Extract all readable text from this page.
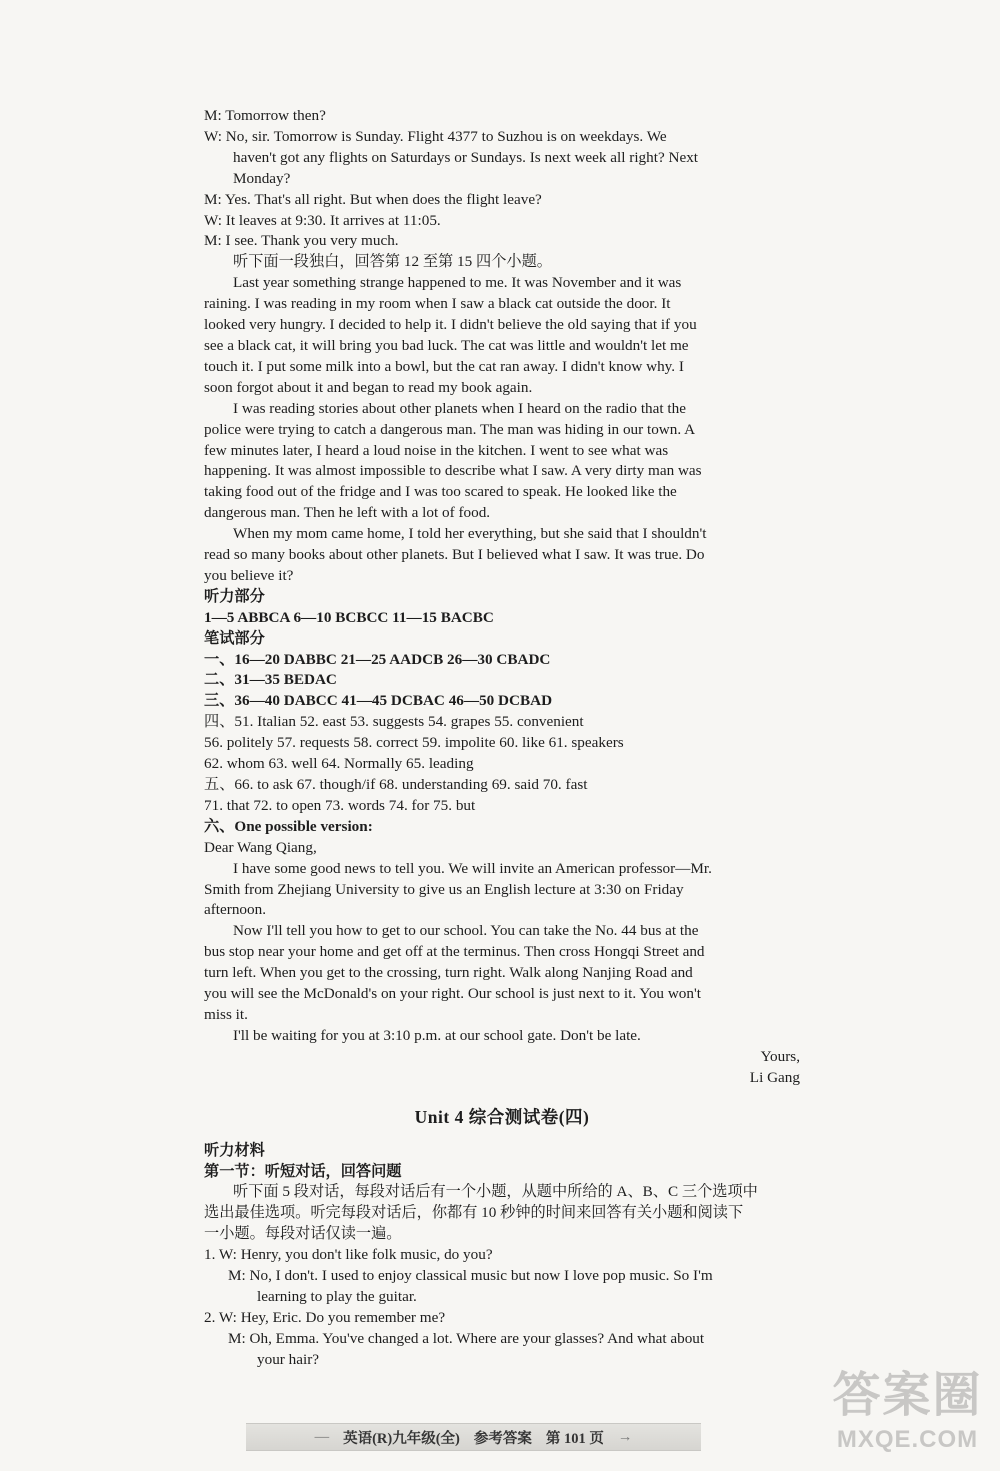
M: Tomorrow then?
W: No, sir. Tomorrow is Sunday. Flight 4377 to Suzhou is on weekdays. We
haven't got any flights on Saturdays or Sundays. Is next week all right? Next
Monday?
M: Yes. That's all right. But when does the flight leave?
W: It leaves at 9:30. It arrives at 11:05.
M: I see. Thank you very much.
听下面一段独白，回答第 12 至第 15 四个小题。
Last year something strange happened to me. It was November and it was
raining. I was reading in my room when I saw a black cat outside the door. It
looked very hungry. I decided to help it. I didn't believe the old saying that if you
see a black cat, it will bring you bad luck. The cat was little and wouldn't let me
touch it. I put some milk into a bowl, but the cat ran away. I didn't know why. I
soon forgot about it and began to read my book again.
I was reading stories about other planets when I heard on the radio that the
police were trying to catch a dangerous man. The man was hiding in our town. A
few minutes later, I heard a loud noise in the kitchen. I went to see what was
happening. It was almost impossible to describe what I saw. A very dirty man was
taking food out of the fridge and I was too scared to speak. He looked like the
dangerous man. Then he left with a lot of food.
When my mom came home, I told her everything, but she said that I shouldn't
read so many books about other planets. But I believed what I saw. It was true. Do
you believe it?
听力部分
1—5 ABBCA 6—10 BCBCC 11—15 BACBC
笔试部分
一、16—20 DABBC 21—25 AADCB 26—30 CBADC
二、31—35 BEDAC
三、36—40 DABCC 41—45 DCBAC 46—50 DCBAD
四、51. Italian 52. east 53. suggests 54. grapes 55. convenient
56. politely 57. requests 58. correct 59. impolite 60. like 61. speakers
62. whom 63. well 64. Normally 65. leading
五、66. to ask 67. though/if 68. understanding 69. said 70. fast
71. that 72. to open 73. words 74. for 75. but
六、One possible version:
Dear Wang Qiang,
I have some good news to tell you. We will invite an American professor—Mr.
Smith from Zhejiang University to give us an English lecture at 3:30 on Friday
afternoon.
Now I'll tell you how to get to our school. You can take the No. 44 bus at the
bus stop near your home and get off at the terminus. Then cross Hongqi Street and
turn left. When you get to the crossing, turn right. Walk along Nanjing Road and
you will see the McDonald's on your right. Our school is just next to it. You won't
miss it.
I'll be waiting for you at 3:10 p.m. at our school gate. Don't be late.
Yours,
Li Gang
Unit 4 综合测试卷(四)
听力材料
第一节：听短对话，回答问题
听下面 5 段对话，每段对话后有一个小题，从题中所给的 A、B、C 三个选项中
选出最佳选项。听完每段对话后，你都有 10 秒钟的时间来回答有关小题和阅读下
一小题。每段对话仅读一遍。
1. W: Henry, you don't like folk music, do you?
M: No, I don't. I used to enjoy classical music but now I love pop music. So I'm
learning to play the guitar.
2. W: Hey, Eric. Do you remember me?
M: Oh, Emma. You've changed a lot. Where are your glasses? And what about
your hair?
— 英语(R)九年级(全) 参考答案 第 101 页 →
答案圈
MXQE.COM
